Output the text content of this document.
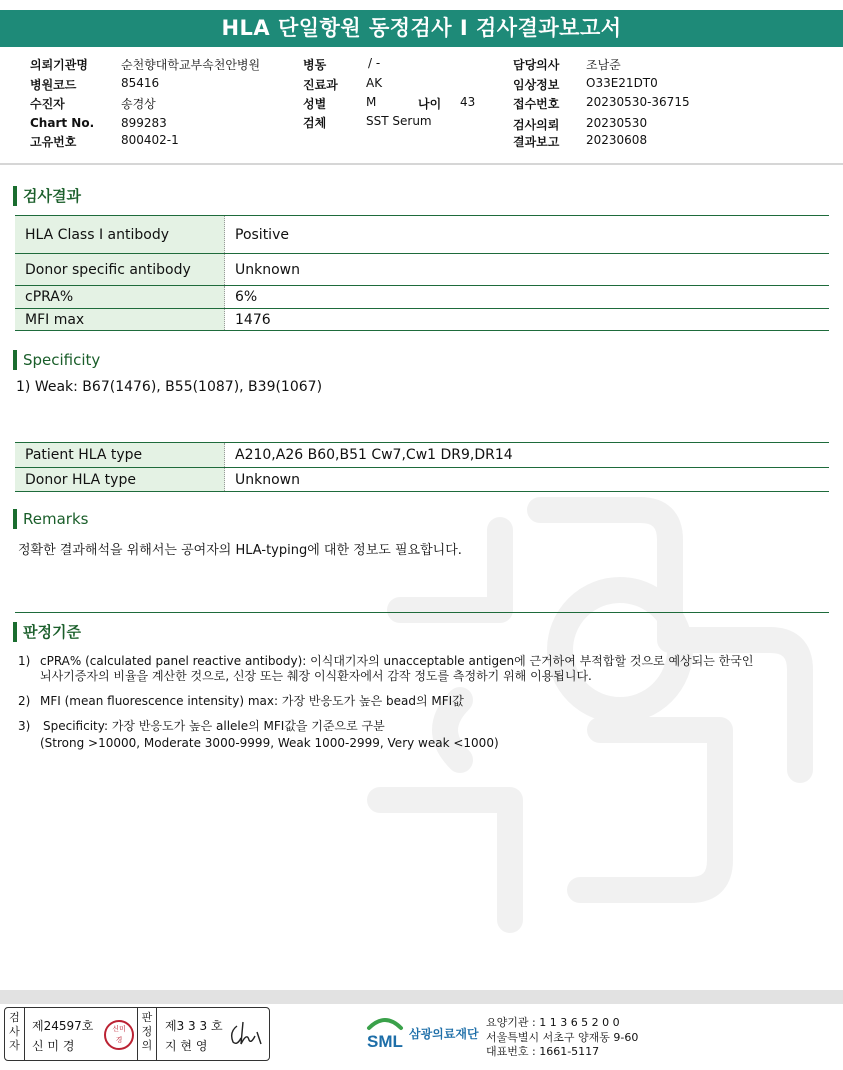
HLA 단일항원 동정검사 I 검사결과보고서
의뢰기관명	순천향대학교부속천안병원
병원코드	85416
수진자	송경상
Chart No. 899283
고유번호	800402-1
병동	/ -
진료과 AK
성별	M	나이 43
검체	SST Serum
담당의사 조남준
임상정보 O33E21DT0
접수번호 20230530-36715
검사의뢰 20230530
결과보고 20230608
검사결과
HLA Class I antibody	Positive
Donor specific antibody	Unknown
cPRA%	6%
MFI max	1476
Specificity
1) Weak: B67(1476), B55(1087), B39(1067)
Patient HLA type	A210,A26 B60,B51 Cw7,Cw1 DR9,DR14
Donor HLA type	Unknown
Remarks
정확한 결과해석을 위해서는 공여자의 HLA-typing에 대한 정보도 필요합니다.
판정기준
1) cPRA% (calculated panel reactive antibody): 이식대기자의 unacceptable antigen에 근거하여 부적합할 것으로 예상되는 한국인
뇌사기증자의 비율을 계산한 것으로, 신장 또는 췌장 이식환자에서 감작 정도를 측정하기 위해 이용됩니다.
2) MFI (mean fluorescence intensity) max: 가장 반응도가 높은 bead의 MFI값
3) Specificity: 가장 반응도가 높은 allele의 MFI값을 기준으로 구분
(Strong >10000, Moderate 3000-9999, Weak 1000-2999, Very weak <1000)
검사자
제24597호
신 미 경
신미경
판정의
제3 3 3 호
지 현 영	SML 삼광의료재단
요양기관 : 1 1 3 6 5 2 0 0
서울특별시 서초구 양재동 9-60
대표번호 : 1661-5117
